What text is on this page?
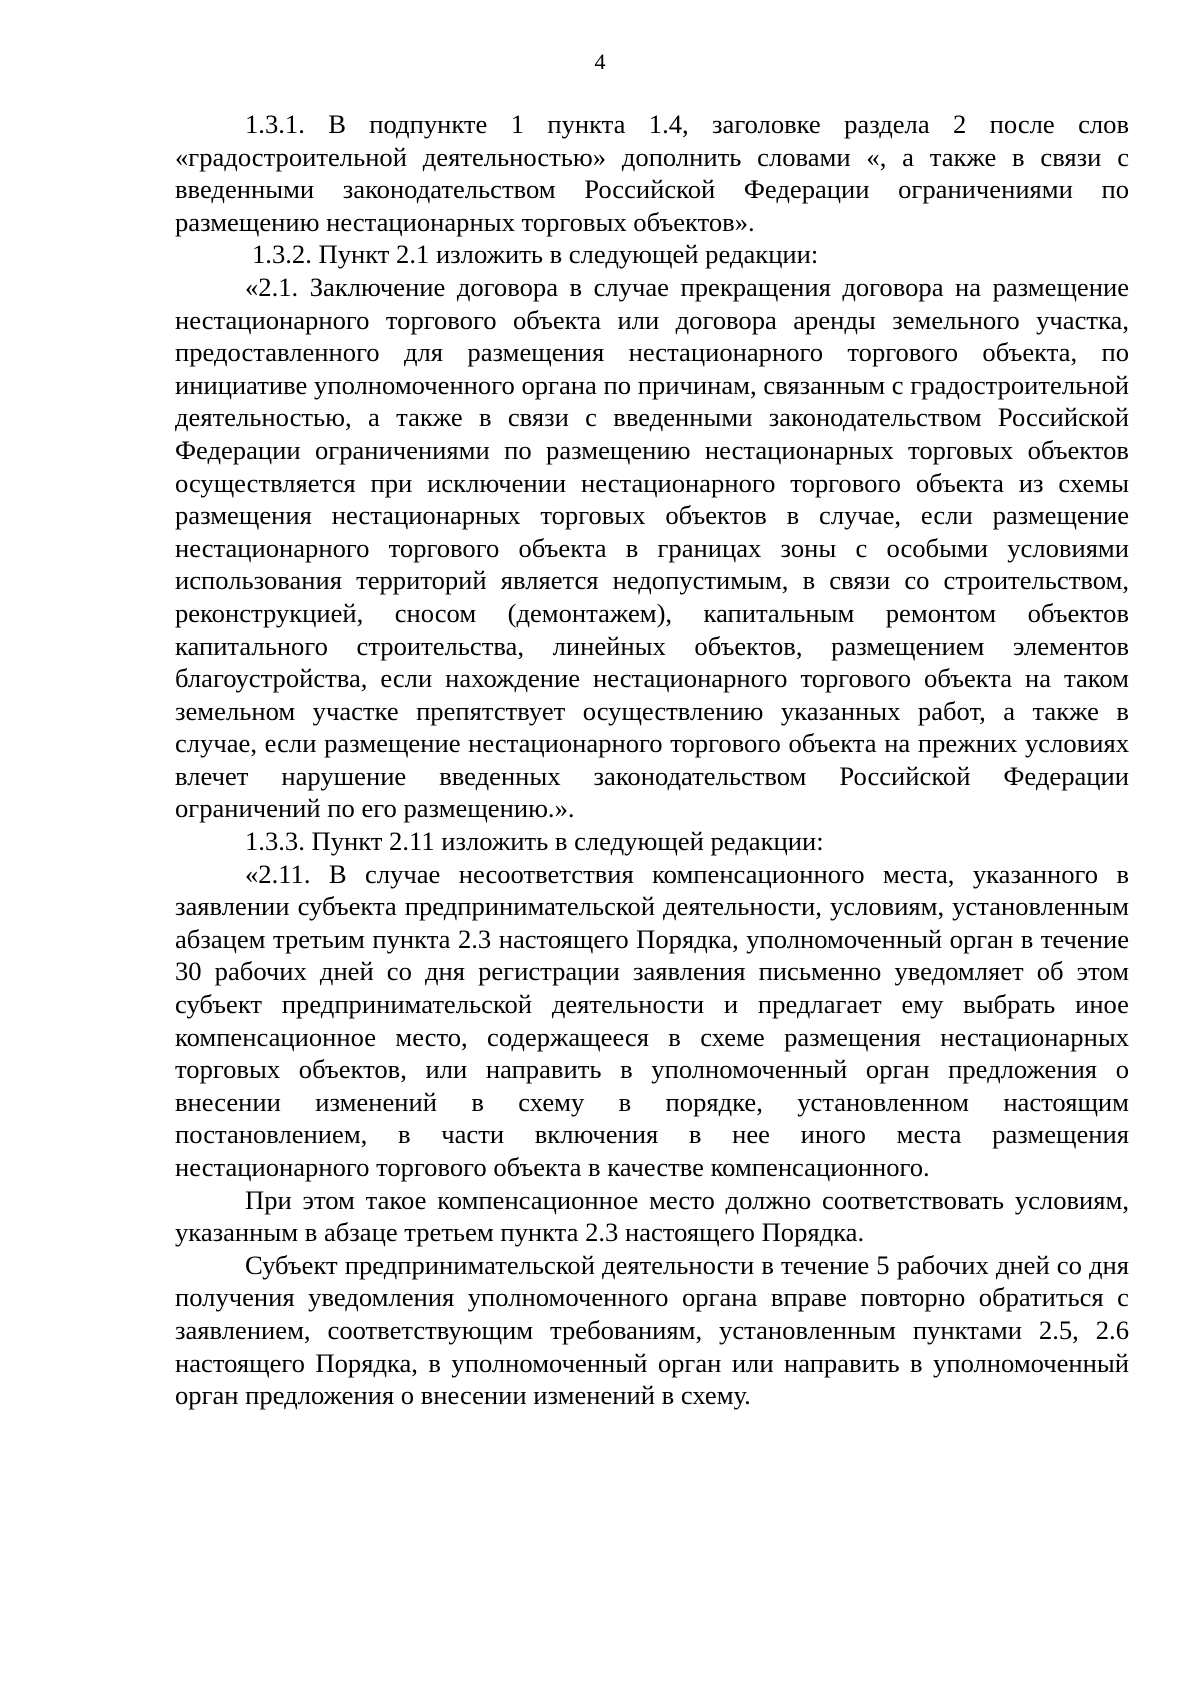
4

1.3.1. В подпункте 1 пункта 1.4, заголовке раздела 2 после слов «градостроительной деятельностью» дополнить словами «, а также в связи с введенными законодательством Российской Федерации ограничениями по размещению нестационарных торговых объектов».

1.3.2. Пункт 2.1 изложить в следующей редакции:

«2.1. Заключение договора в случае прекращения договора на размещение нестационарного торгового объекта или договора аренды земельного участка, предоставленного для размещения нестационарного торгового объекта, по инициативе уполномоченного органа по причинам, связанным с градостроительной деятельностью, а также в связи с введенными законодательством Российской Федерации ограничениями по размещению нестационарных торговых объектов осуществляется при исключении нестационарного торгового объекта из схемы размещения нестационарных торговых объектов в случае, если размещение нестационарного торгового объекта в границах зоны с особыми условиями использования территорий является недопустимым, в связи со строительством, реконструкцией, сносом (демонтажем), капитальным ремонтом объектов капитального строительства, линейных объектов, размещением элементов благоустройства, если нахождение нестационарного торгового объекта на таком земельном участке препятствует осуществлению указанных работ, а также в случае, если размещение нестационарного торгового объекта на прежних условиях влечет нарушение введенных законодательством Российской Федерации ограничений по его размещению.».

1.3.3. Пункт 2.11 изложить в следующей редакции:

«2.11. В случае несоответствия компенсационного места, указанного в заявлении субъекта предпринимательской деятельности, условиям, установленным абзацем третьим пункта 2.3 настоящего Порядка, уполномоченный орган в течение 30 рабочих дней со дня регистрации заявления письменно уведомляет об этом субъект предпринимательской деятельности и предлагает ему выбрать иное компенсационное место, содержащееся в схеме размещения нестационарных торговых объектов, или направить в уполномоченный орган предложения о внесении изменений в схему в порядке, установленном настоящим постановлением, в части включения в нее иного места размещения нестационарного торгового объекта в качестве компенсационного.

При этом такое компенсационное место должно соответствовать условиям, указанным в абзаце третьем пункта 2.3 настоящего Порядка.

Субъект предпринимательской деятельности в течение 5 рабочих дней со дня получения уведомления уполномоченного органа вправе повторно обратиться с заявлением, соответствующим требованиям, установленным пунктами 2.5, 2.6 настоящего Порядка, в уполномоченный орган или направить в уполномоченный орган предложения о внесении изменений в схему.
